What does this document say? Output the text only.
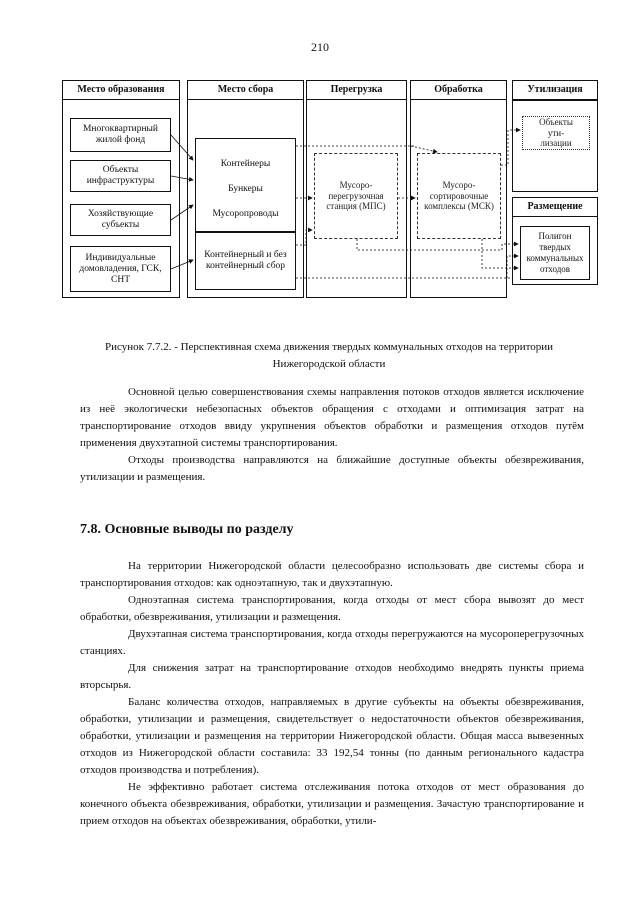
210
Место образования	Место сбора	Перегрузка	Обработка	Утилизация
Размещение
Многоквартирный жилой фонд
Объекты инфраструктуры
Хозяйствующие субъекты
Индивидуальные домовладения, ГСК, СНТ
Контейнеры
Бункеры
Мусоропроводы
Контейнерный и без контейнерный сбор
Мусоро- перегрузочная станция (МПС)
Мусоро- сортировочные комплексы (МСК)
Объекты ути- лизации
Полигон твердых коммунальных отходов
Рисунок 7.7.2. - Перспективная схема движения твердых коммунальных отходов на территории Нижегородской области

Основной целью совершенствования схемы направления потоков отходов является исключение из неё экологически небезопасных объектов обращения с отходами и оптимизация затрат на транспортирование отходов ввиду укрупнения объектов обработки и размещения отходов путём применения двухэтапной системы транспортирования.

Отходы производства направляются на ближайшие доступные объекты обезвреживания, утилизации и размещения.

7.8. Основные выводы по разделу

На территории Нижегородской области целесообразно использовать две системы сбора и транспортирования отходов: как одноэтапную, так и двухэтапную.

Одноэтапная система транспортирования, когда отходы от мест сбора вывозят до мест обработки, обезвреживания, утилизации и размещения.

Двухэтапная система транспортирования, когда отходы перегружаются на мусороперегрузочных станциях.

Для снижения затрат на транспортирование отходов необходимо внедрять пункты приема вторсырья.

Баланс количества отходов, направляемых в другие субъекты на объекты обезвреживания, обработки, утилизации и размещения, свидетельствует о недостаточности объектов обезвреживания, обработки, утилизации и размещения на территории Нижегородской области. Общая масса вывезенных отходов из Нижегородской области составила: 33 192,54 тонны (по данным регионального кадастра отходов производства и потребления).

Не эффективно работает система отслеживания потока отходов от мест образования до конечного объекта обезвреживания, обработки, утилизации и размещения. Зачастую транспортирование и прием отходов на объектах обезвреживания, обработки, утили-
